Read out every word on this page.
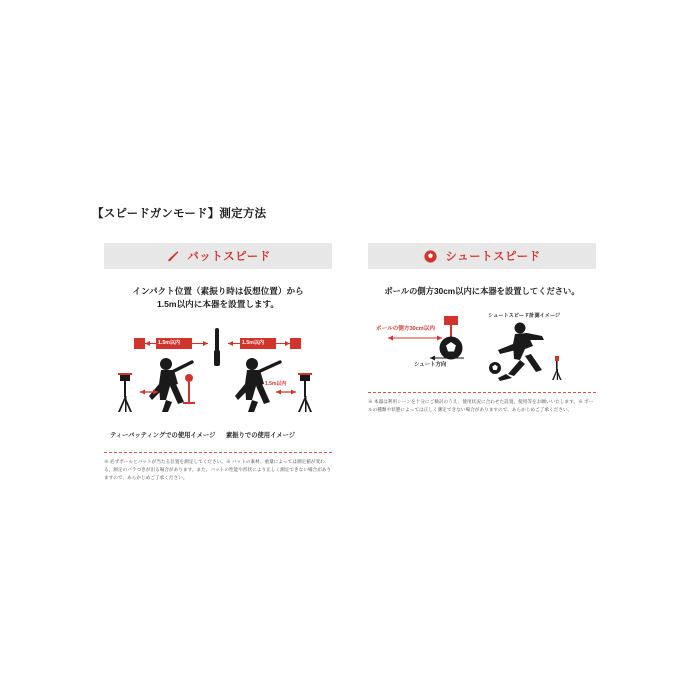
【スピードガンモード】測定方法
バットスピード
インパクト位置（素振り時は仮想位置）から
1.5m以内に本器を設置します。
1.5m以内	1.5m以内
1.5m以内
ティーバッティングでの使用イメージ 素振りでの使用イメージ
シュートスピード
ボールの側方30cm以内に本器を設置してください。
ボールの側方30cm以内
シュート方向
シュートスピード計測イメージ
※ 必ずボールとバットが当たる位置を測定してください。※ バットの素材、重量によっては測定値が変わる、測定のバラつきが出る場合があります。また、バットの性能や形状により正しく測定できない場合がありますので、あらかじめご了承ください。
※ 本器は利用シーンを十分にご検討のうえ、使用状況に合わせた設置、使用等をお願いいたします。※ ボールの種類や状態によっては正しく測定できない場合がありますので、あらかじめご了承ください。
